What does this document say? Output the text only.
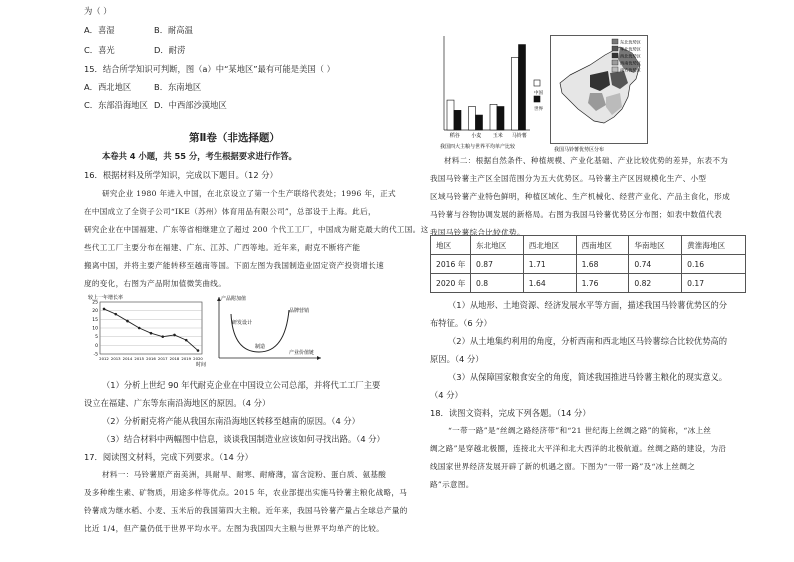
为（ ）
A．喜湿	B．耐高温
C．喜光	D．耐涝
15．结合所学知识可判断，图（a）中“某地区”最有可能是美国（ ）
A．西北地区	B．东南地区
C．东部沿海地区 D．中西部沙漠地区
第Ⅱ卷（非选择题）
本卷共 4 小题，共 55 分，考生根据要求进行作答。
16．根据材料及所学知识，完成以下题目。（12 分）
研究企业 1980 年进入中国，在北京设立了第一个生产联络代表处；1996 年，正式
在中国成立了全资子公司“IKE（苏州）体育用品有限公司”，总部设于上海。此后，
研究企业在中国福建、广东等省相继建立了超过 200 个代工工厂，中国成为耐克最大的代工国。这
些代工工厂主要分布在福建、广东、江苏、广西等地。近年来，耐克不断将产能
搬离中国，并将主要产能转移至越南等国。下面左图为我国制造业固定资产投资增长速
度的变化，右图为产品附加值微笑曲线。
较上一年增长率
时间
25
20
15
10
5
0
-5
2012 2013 2014 2015 2016 2017 2018 2019 2020
产品附加值
产业价值链
研发设计
品牌营销
制造
（1）分析上世纪 90 年代耐克企业在中国设立公司总部，并将代工工厂主要
设立在福建、广东等东南沿海地区的原因。（4 分）
（2）分析耐克将产能从我国东南沿海地区转移至越南的原因。（4 分）
（3）结合材料中两幅图中信息，谈谈我国制造业应该如何寻找出路。（4 分）
17．阅读图文材料，完成下列要求。（14 分）
材料一：马铃薯原产南美洲，具耐旱、耐寒、耐瘠薄，富含淀粉、蛋白质、氨基酸
及多种维生素、矿物质，用途多样等优点。2015 年，农业部提出实施马铃薯主粮化战略，马
铃薯成为继水稻、小麦、玉米后的我国第四大主粮。近年来，我国马铃薯产量占全球总产量的
比近 1/4，但产量仍低于世界平均水平。左图为我国四大主粮与世界平均单产的比较。
我国四大主粮与世界平均单产比较
稻谷 小麦 玉米 马铃薯
中国
世界
我国马铃薯优势区分布
东北优势区
华北优势区
西北优势区
西南优势区
南方优势区
材料二：根据自然条件、种植规模、产业化基础、产业比较优势的差异，东表不为
我国马铃薯主产区全国范围分为五大优势区。马铃薯主产区因规模化生产、小型
区域马铃薯产业特色鲜明，种植区域化、生产机械化、经营产业化、产品主食化，形成
马铃薯与谷物协调发展的新格局。右图为我国马铃薯优势区分布图；如表中数值代表
我国马铃薯综合比较优势。
地区	东北地区	西北地区	西南地区	华南地区	黄淮海地区
2016 年	0.87	1.71	1.68	0.74	0.16
2020 年	0.8	1.64	1.76	0.82	0.17
（1）从地形、土地资源、经济发展水平等方面，描述我国马铃薯优势区的分
布特征。（6 分）
（2）从土地集约利用的角度，分析西南和西北地区马铃薯综合比较优势高的
原因。（4 分）
（3）从保障国家粮食安全的角度，简述我国推进马铃薯主粮化的现实意义。
（4 分）
18．读图文资料，完成下列各题。（14 分）
“一带一路”是“丝绸之路经济带”和“21 世纪海上丝绸之路”的简称，“冰上丝
绸之路”是穿越北极圈，连接北大平洋和北大西洋的北极航道。丝绸之路的建设，为沿
线国家世界经济发展开辟了新的机遇之窗。下图为“一带一路”及“冰上丝绸之
路”示意图。
